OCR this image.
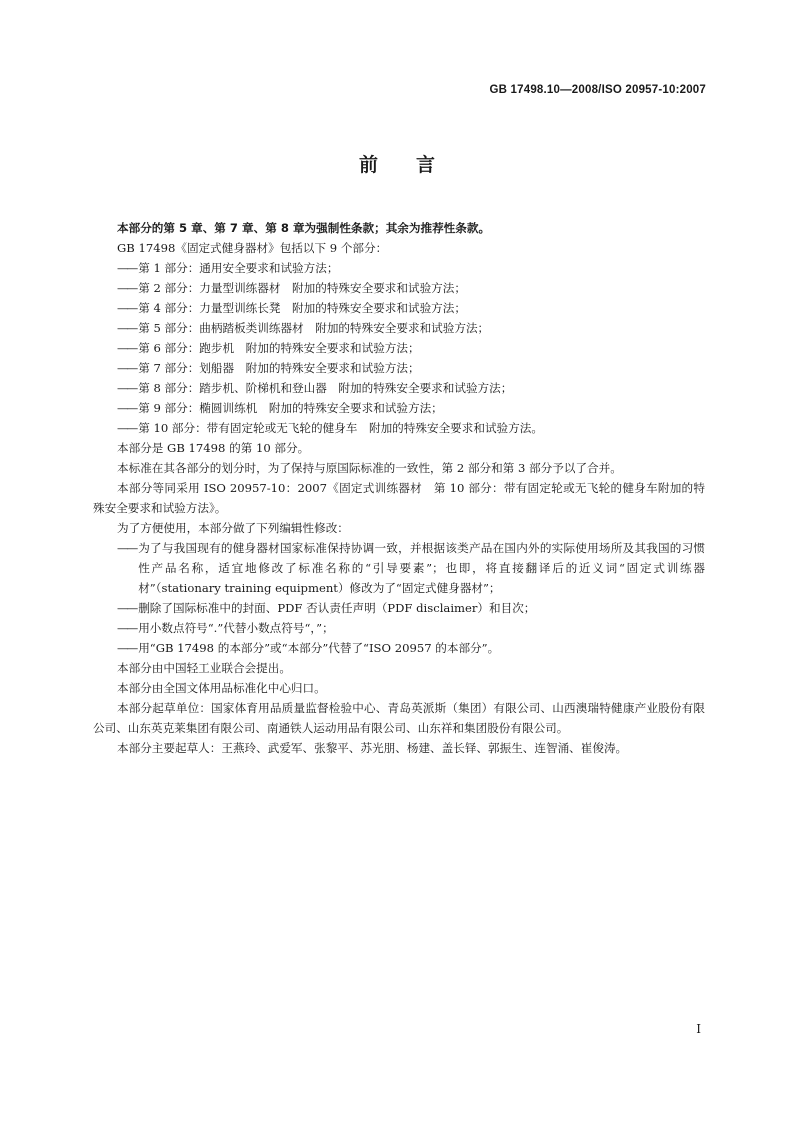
GB 17498.10—2008/ISO 20957-10:2007
前言

本部分的第 5 章、第 7 章、第 8 章为强制性条款；其余为推荐性条款。

GB 17498《固定式健身器材》包括以下 9 个部分：

—— 第 1 部分：通用安全要求和试验方法；
—— 第 2 部分：力量型训练器材　附加的特殊安全要求和试验方法；
—— 第 4 部分：力量型训练长凳　附加的特殊安全要求和试验方法；
—— 第 5 部分：曲柄踏板类训练器材　附加的特殊安全要求和试验方法；
—— 第 6 部分：跑步机　附加的特殊安全要求和试验方法；
—— 第 7 部分：划船器　附加的特殊安全要求和试验方法；
—— 第 8 部分：踏步机、阶梯机和登山器　附加的特殊安全要求和试验方法；
—— 第 9 部分：椭圆训练机　附加的特殊安全要求和试验方法；
—— 第 10 部分：带有固定轮或无飞轮的健身车　附加的特殊安全要求和试验方法。

本部分是 GB 17498 的第 10 部分。

本标准在其各部分的划分时，为了保持与原国际标准的一致性，第 2 部分和第 3 部分予以了合并。

本部分等同采用 ISO 20957-10：2007《固定式训练器材　第 10 部分：带有固定轮或无飞轮的健身车附加的特殊安全要求和试验方法》。

为了方便使用，本部分做了下列编辑性修改：

—— 为了与我国现有的健身器材国家标准保持协调一致，并根据该类产品在国内外的实际使用场所及其我国的习惯性产品名称，适宜地修改了标准名称的“引导要素”；也即，将直接翻译后的近义词“固定式训练器材”（stationary training equipment）修改为了“固定式健身器材”；
—— 删除了国际标准中的封面、PDF 否认责任声明（PDF disclaimer）和目次；
—— 用小数点符号“.”代替小数点符号“，”；
—— 用“GB 17498 的本部分”或“本部分”代替了“ISO 20957 的本部分”。

本部分由中国轻工业联合会提出。

本部分由全国文体用品标准化中心归口。

本部分起草单位：国家体育用品质量监督检验中心、青岛英派斯（集团）有限公司、山西澳瑞特健康产业股份有限公司、山东英克莱集团有限公司、南通铁人运动用品有限公司、山东祥和集团股份有限公司。

本部分主要起草人：王燕玲、武爱军、张黎平、苏光朋、杨建、盖长铎、郭振生、连智涌、崔俊涛。

I
